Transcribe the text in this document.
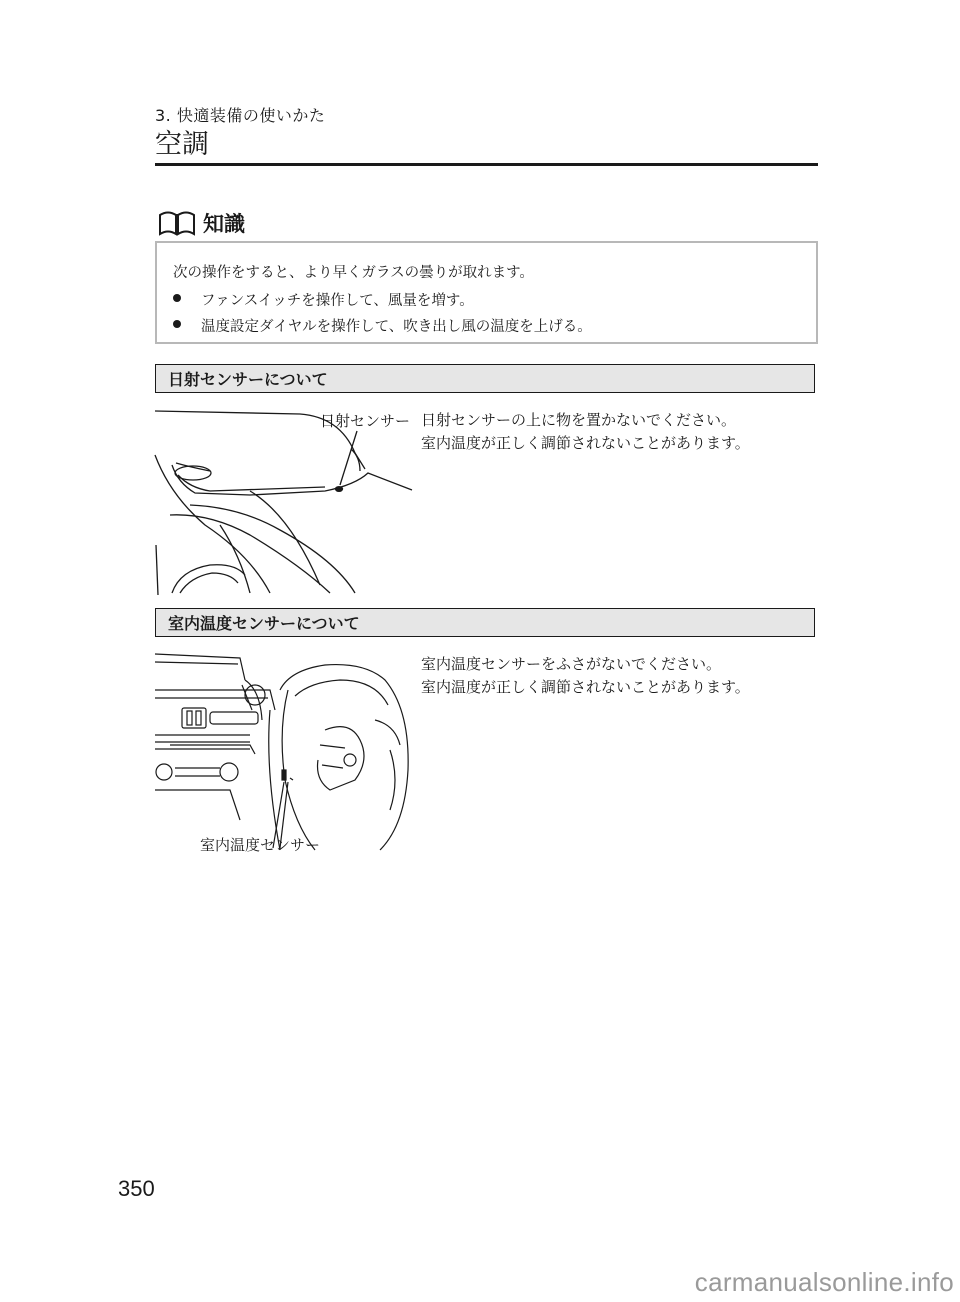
3. 快適装備の使いかた
空調
知識
次の操作をすると、より早くガラスの曇りが取れます。
ファンスイッチを操作して、風量を増す。
温度設定ダイヤルを操作して、吹き出し風の温度を上げる。
日射センサーについて
日射センサー 日射センサーの上に物を置かないでください。
室内温度が正しく調節されないことがあります。
室内温度センサーについて
室内温度センサー
室内温度センサーをふさがないでください。
室内温度が正しく調節されないことがあります。
350
carmanualsonline.info
